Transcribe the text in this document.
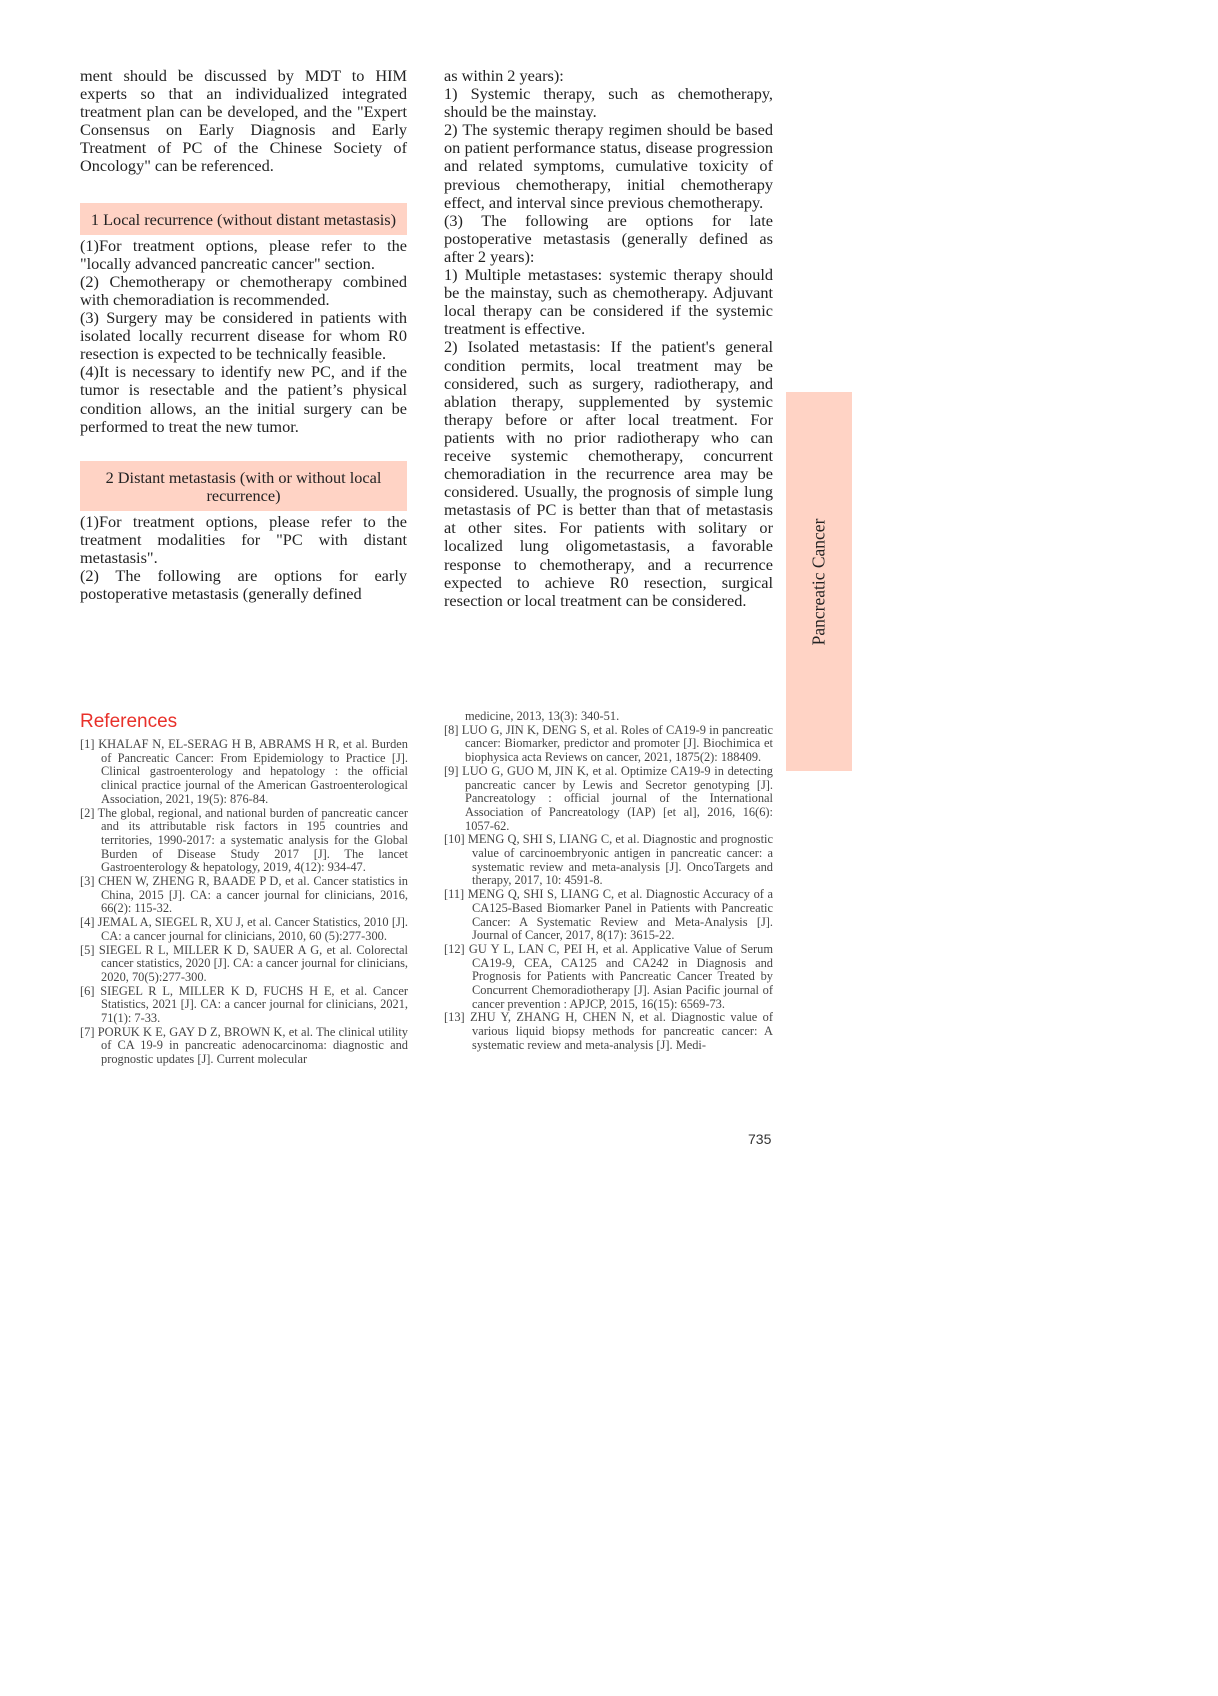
ment should be discussed by MDT to HIM experts so that an individualized integrated treatment plan can be developed, and the "Expert Consensus on Early Diagnosis and Early Treatment of PC of the Chinese Society of Oncology" can be referenced.

1 Local recurrence (without distant metastasis)

(1)For treatment options, please refer to the "locally advanced pancreatic cancer" section.

(2) Chemotherapy or chemotherapy combined with chemoradiation is recommended.

(3) Surgery may be considered in patients with isolated locally recurrent disease for whom R0 resection is expected to be technically feasible.

(4)It is necessary to identify new PC, and if the tumor is resectable and the patient’s physical condition allows, an the initial surgery can be performed to treat the new tumor.

2 Distant metastasis (with or without local recurrence)

(1)For treatment options, please refer to the treatment modalities for "PC with distant metastasis".

(2) The following are options for early postoperative metastasis (generally defined

as within 2 years):

1) Systemic therapy, such as chemotherapy, should be the mainstay.

2) The systemic therapy regimen should be based on patient performance status, disease progression and related symptoms, cumulative toxicity of previous chemotherapy, initial chemotherapy effect, and interval since previous chemotherapy.

(3) The following are options for late postoperative metastasis (generally defined as after 2 years):

1) Multiple metastases: systemic therapy should be the mainstay, such as chemotherapy. Adjuvant local therapy can be considered if the systemic treatment is effective.

2) Isolated metastasis: If the patient's general condition permits, local treatment may be considered, such as surgery, radiotherapy, and ablation therapy, supplemented by systemic therapy before or after local treatment. For patients with no prior radiotherapy who can receive systemic chemotherapy, concurrent chemoradiation in the recurrence area may be considered. Usually, the prognosis of simple lung metastasis of PC is better than that of metastasis at other sites. For patients with solitary or localized lung oligometastasis, a favorable response to chemotherapy, and a recurrence expected to achieve R0 resection, surgical resection or local treatment can be considered.	Pancreatic Cancer
References

[1] KHALAF N, EL-SERAG H B, ABRAMS H R, et al. Burden of Pancreatic Cancer: From Epidemiology to Practice [J]. Clinical gastroenterology and hepatology : the official clinical practice journal of the American Gastroenterological Association, 2021, 19(5): 876-84.

[2] The global, regional, and national burden of pancreatic cancer and its attributable risk factors in 195 countries and territories, 1990-2017: a systematic analysis for the Global Burden of Disease Study 2017 [J]. The lancet Gastroenterology & hepatology, 2019, 4(12): 934-47.

[3] CHEN W, ZHENG R, BAADE P D, et al. Cancer statistics in China, 2015 [J]. CA: a cancer journal for clinicians, 2016, 66(2): 115-32.

[4] JEMAL A, SIEGEL R, XU J, et al. Cancer Statistics, 2010 [J]. CA: a cancer journal for clinicians, 2010, 60 (5):277-300.

[5] SIEGEL R L, MILLER K D, SAUER A G, et al. Colorectal cancer statistics, 2020 [J]. CA: a cancer journal for clinicians, 2020, 70(5):277-300.

[6] SIEGEL R L, MILLER K D, FUCHS H E, et al. Cancer Statistics, 2021 [J]. CA: a cancer journal for clinicians, 2021, 71(1): 7-33.

[7] PORUK K E, GAY D Z, BROWN K, et al. The clinical utility of CA 19-9 in pancreatic adenocarcinoma: diagnostic and prognostic updates [J]. Current molecular

medicine, 2013, 13(3): 340-51.

[8] LUO G, JIN K, DENG S, et al. Roles of CA19-9 in pancreatic cancer: Biomarker, predictor and promoter [J]. Biochimica et biophysica acta Reviews on cancer, 2021, 1875(2): 188409.

[9] LUO G, GUO M, JIN K, et al. Optimize CA19-9 in detecting pancreatic cancer by Lewis and Secretor genotyping [J]. Pancreatology : official journal of the International Association of Pancreatology (IAP) [et al], 2016, 16(6): 1057-62.

[10] MENG Q, SHI S, LIANG C, et al. Diagnostic and prognostic value of carcinoembryonic antigen in pancreatic cancer: a systematic review and meta-analysis [J]. OncoTargets and therapy, 2017, 10: 4591-8.

[11] MENG Q, SHI S, LIANG C, et al. Diagnostic Accuracy of a CA125-Based Biomarker Panel in Patients with Pancreatic Cancer: A Systematic Review and Meta-Analysis [J]. Journal of Cancer, 2017, 8(17): 3615-22.

[12] GU Y L, LAN C, PEI H, et al. Applicative Value of Serum CA19-9, CEA, CA125 and CA242 in Diagnosis and Prognosis for Patients with Pancreatic Cancer Treated by Concurrent Chemoradiotherapy [J]. Asian Pacific journal of cancer prevention : APJCP, 2015, 16(15): 6569-73.

[13] ZHU Y, ZHANG H, CHEN N, et al. Diagnostic value of various liquid biopsy methods for pancreatic cancer: A systematic review and meta-analysis [J]. Medi-

735
